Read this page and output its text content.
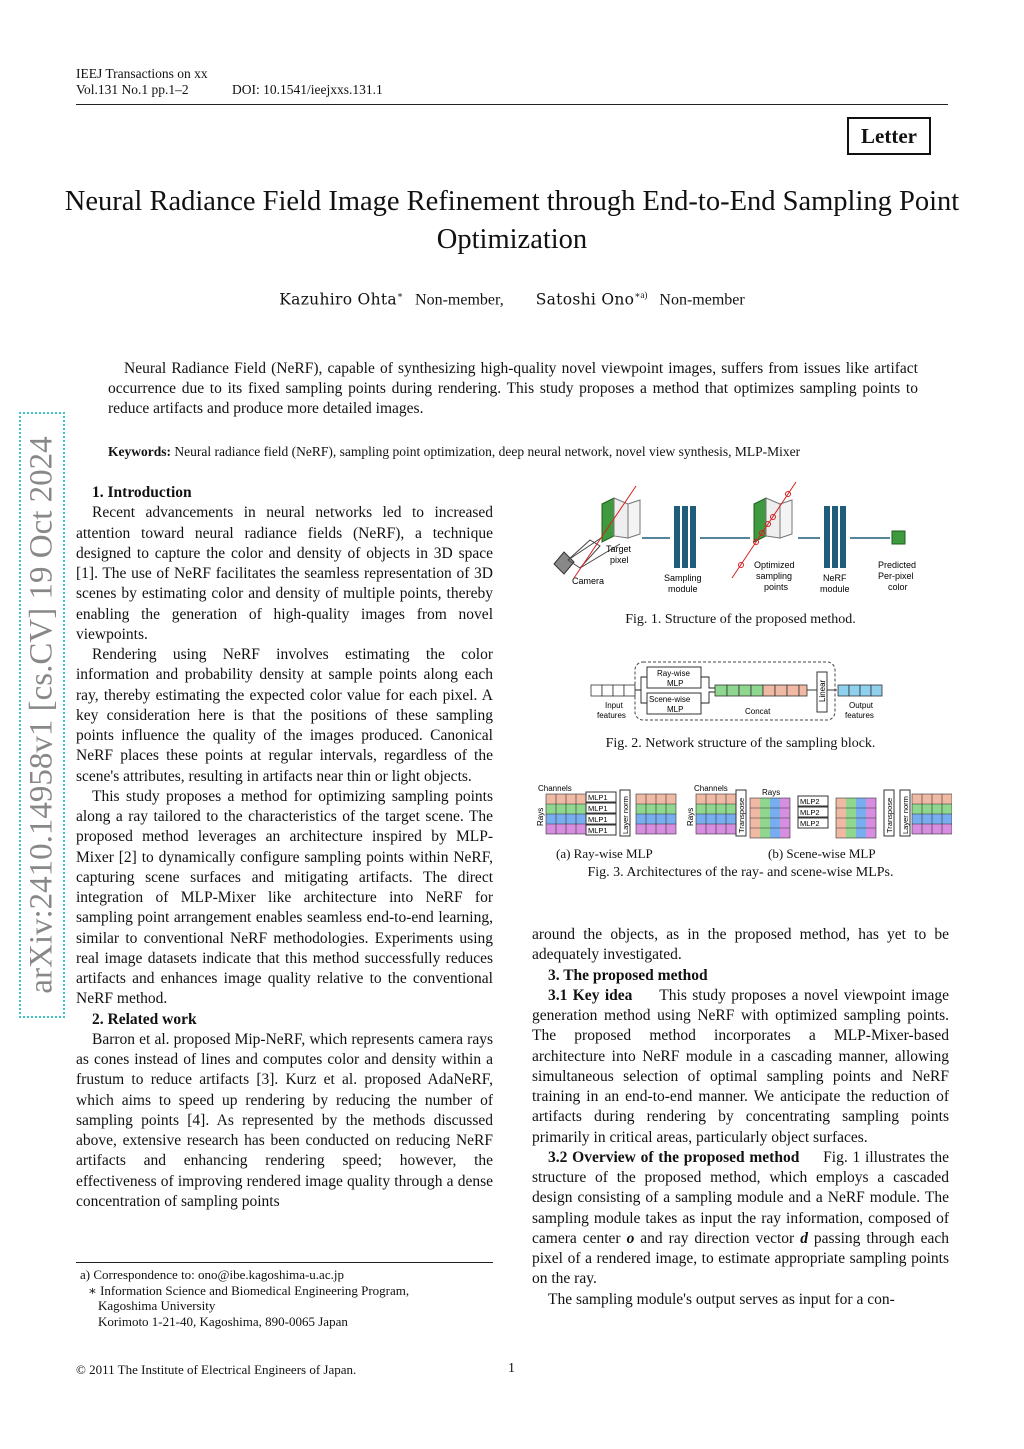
IEEJ Transactions on xx
Vol.131 No.1 pp.1–2	DOI: 10.1541/ieejxxs.131.1
Letter
arXiv:2410.14958v1 [cs.CV] 19 Oct 2024
Neural Radiance Field Image Refinement through End-to-End Sampling Point Optimization
Kazuhiro Ohta∗ Non-member, Satoshi Ono$^{∗a)}$ Non-member
Neural Radiance Field (NeRF), capable of synthesizing high-quality novel viewpoint images, suffers from issues like artifact occurrence due to its fixed sampling points during rendering. This study proposes a method that optimizes sampling points to reduce artifacts and produce more detailed images.
Keywords: Neural radiance field (NeRF), sampling point optimization, deep neural network, novel view synthesis, MLP-Mixer
1. Introduction

Recent advancements in neural networks led to increased attention toward neural radiance fields (NeRF), a technique designed to capture the color and density of objects in 3D space [1]. The use of NeRF facilitates the seamless representation of 3D scenes by estimating color and density of multiple points, thereby enabling the generation of high-quality images from novel viewpoints.

Rendering using NeRF involves estimating the color information and probability density at sample points along each ray, thereby estimating the expected color value for each pixel. A key consideration here is that the positions of these sampling points influence the quality of the images produced. Canonical NeRF places these points at regular intervals, regardless of the scene's attributes, resulting in artifacts near thin or light objects.

This study proposes a method for optimizing sampling points along a ray tailored to the characteristics of the target scene. The proposed method leverages an architecture inspired by MLP-Mixer [2] to dynamically configure sampling points within NeRF, capturing scene surfaces and mitigating artifacts. The direct integration of MLP-Mixer like architecture into NeRF for sampling point arrangement enables seamless end-to-end learning, similar to conventional NeRF methodologies. Experiments using real image datasets indicate that this method successfully reduces artifacts and enhances image quality relative to the conventional NeRF method.

2. Related work

Barron et al. proposed Mip-NeRF, which represents camera rays as cones instead of lines and computes color and density within a frustum to reduce artifacts [3]. Kurz et al. proposed AdaNeRF, which aims to speed up rendering by reducing the number of sampling points [4]. As represented by the methods discussed above, extensive research has been conducted on reducing NeRF artifacts and enhancing rendering speed; however, the effectiveness of improving rendered image quality through a dense concentration of sampling points

a) Correspondence to: ono@ibe.kagoshima-u.ac.jp
∗ Information Science and Biomedical Engineering Program,
Kagoshima University
Korimoto 1-21-40, Kagoshima, 890-0065 Japan
© 2011 The Institute of Electrical Engineers of Japan.	1

around the objects, as in the proposed method, has yet to be adequately investigated.

3. The proposed method

3.1 Key idea This study proposes a novel viewpoint image generation method using NeRF with optimized sampling points. The proposed method incorporates a MLP-Mixer-based architecture into NeRF module in a cascading manner, allowing simultaneous selection of optimal sampling points and NeRF training in an end-to-end manner. We anticipate the reduction of artifacts during rendering by concentrating sampling points primarily in critical areas, particularly object surfaces.

3.2 Overview of the proposed method Fig. 1 illustrates the structure of the proposed method, which employs a cascaded design consisting of a sampling module and a NeRF module. The sampling module takes as input the ray information, composed of camera center o and ray direction vector d passing through each pixel of a rendered image, to estimate appropriate sampling points on the ray.

The sampling module's output serves as input for a con-

Camera
Target
pixel
Sampling
module
Optimized
sampling
points
NeRF
module
Predicted
Per-pixel
color
Fig. 1. Structure of the proposed method.
Input
features
Ray-wise
MLP
Scene-wise
MLP	Concat
Linear
Output
features
Fig. 2. Network structure of the sampling block.
Channels
Rays
MLP1
MLP1
MLP1
MLP1 Layer norm
Channels
Rays	Transpose
Rays
MLP2
MLP2
MLP2	Transpose Layer norm
(a) Ray-wise MLP	(b) Scene-wise MLP
Fig. 3. Architectures of the ray- and scene-wise MLPs.
